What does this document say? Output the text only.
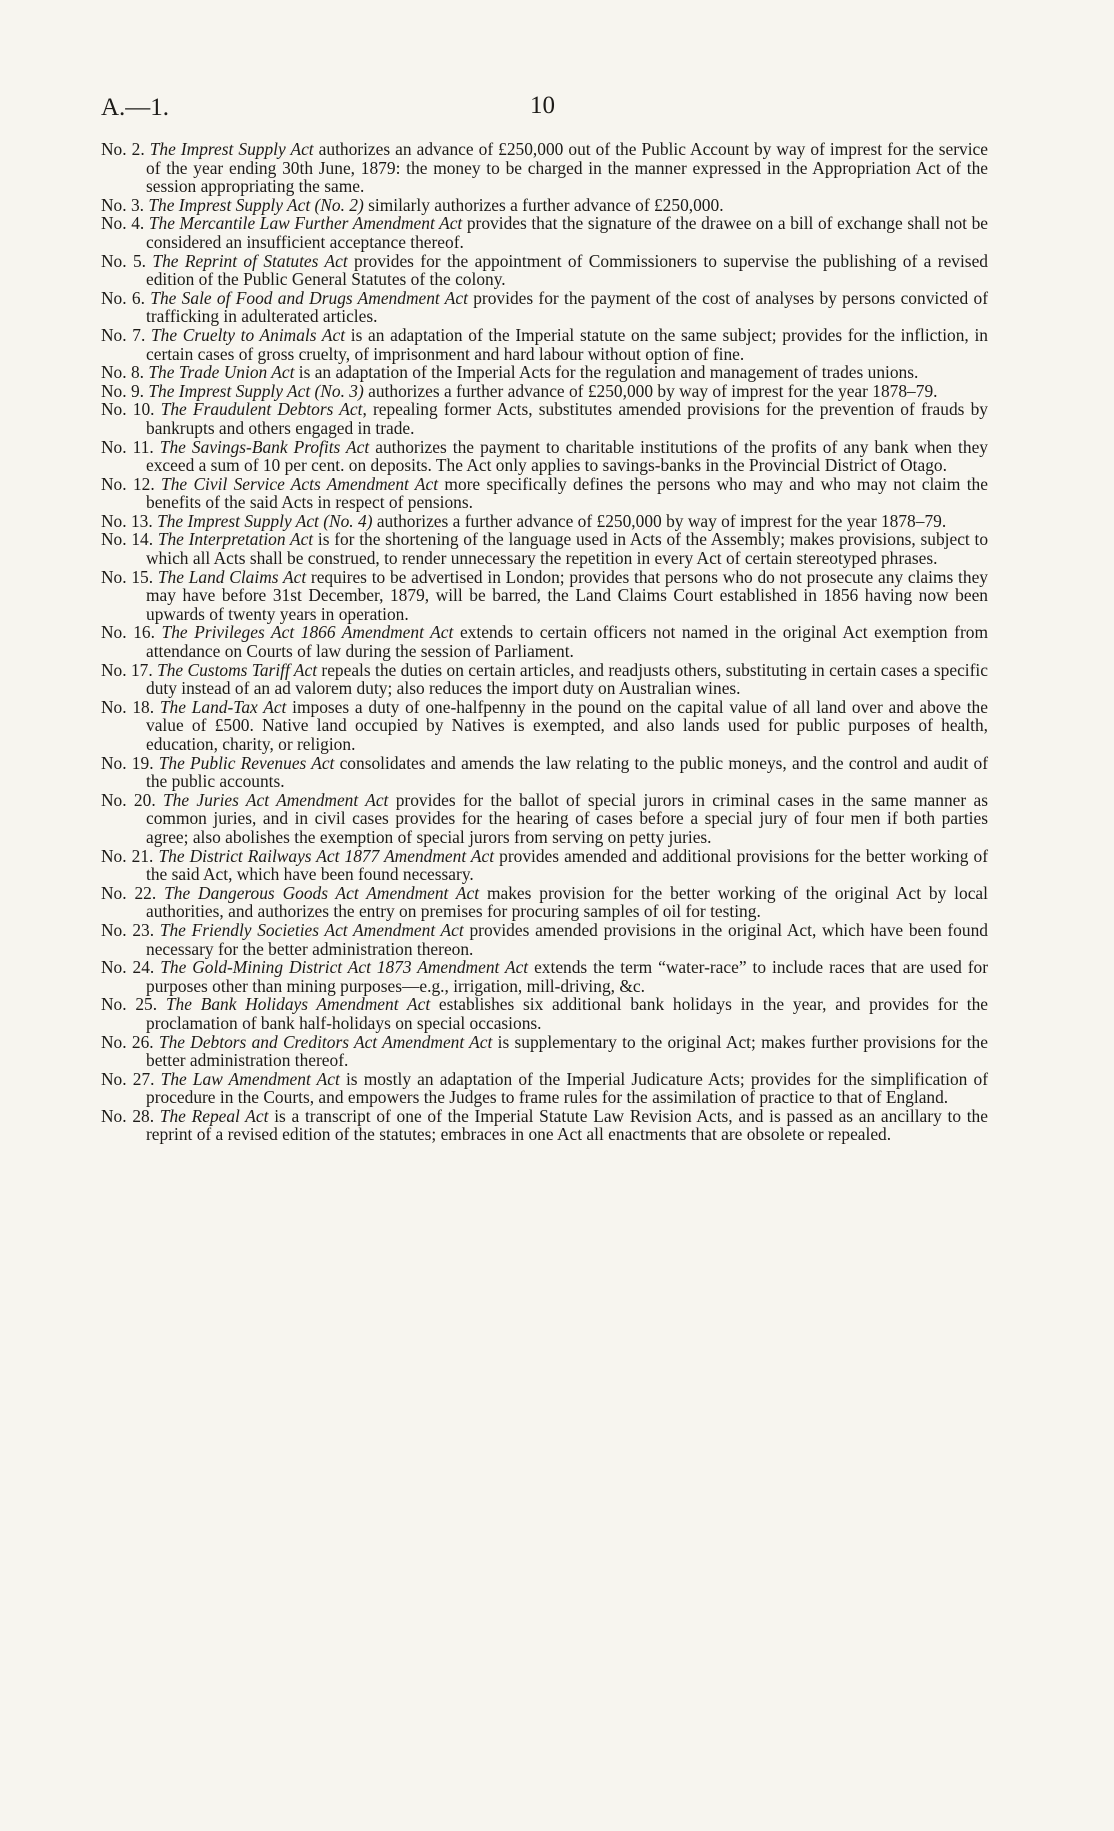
A.—1.	10

No. 2. The Imprest Supply Act authorizes an advance of £250,000 out of the Public Account by way of imprest for the service of the year ending 30th June, 1879: the money to be charged in the manner expressed in the Appropriation Act of the session appropriating the same.

No. 3. The Imprest Supply Act (No. 2) similarly authorizes a further advance of £250,000.

No. 4. The Mercantile Law Further Amendment Act provides that the signature of the drawee on a bill of exchange shall not be considered an insufficient acceptance thereof.

No. 5. The Reprint of Statutes Act provides for the appointment of Commissioners to supervise the publishing of a revised edition of the Public General Statutes of the colony.

No. 6. The Sale of Food and Drugs Amendment Act provides for the payment of the cost of analyses by persons convicted of trafficking in adulterated articles.

No. 7. The Cruelty to Animals Act is an adaptation of the Imperial statute on the same subject; provides for the infliction, in certain cases of gross cruelty, of imprisonment and hard labour without option of fine.

No. 8. The Trade Union Act is an adaptation of the Imperial Acts for the regulation and management of trades unions.

No. 9. The Imprest Supply Act (No. 3) authorizes a further advance of £250,000 by way of imprest for the year 1878–79.

No. 10. The Fraudulent Debtors Act, repealing former Acts, substitutes amended provisions for the prevention of frauds by bankrupts and others engaged in trade.

No. 11. The Savings-Bank Profits Act authorizes the payment to charitable institutions of the profits of any bank when they exceed a sum of 10 per cent. on deposits. The Act only applies to savings-banks in the Provincial District of Otago.

No. 12. The Civil Service Acts Amendment Act more specifically defines the persons who may and who may not claim the benefits of the said Acts in respect of pensions.

No. 13. The Imprest Supply Act (No. 4) authorizes a further advance of £250,000 by way of imprest for the year 1878–79.

No. 14. The Interpretation Act is for the shortening of the language used in Acts of the Assembly; makes provisions, subject to which all Acts shall be construed, to render unnecessary the repetition in every Act of certain stereotyped phrases.

No. 15. The Land Claims Act requires to be advertised in London; provides that persons who do not prosecute any claims they may have before 31st December, 1879, will be barred, the Land Claims Court established in 1856 having now been upwards of twenty years in operation.

No. 16. The Privileges Act 1866 Amendment Act extends to certain officers not named in the original Act exemption from attendance on Courts of law during the session of Parliament.

No. 17. The Customs Tariff Act repeals the duties on certain articles, and readjusts others, substituting in certain cases a specific duty instead of an ad valorem duty; also reduces the import duty on Australian wines.

No. 18. The Land-Tax Act imposes a duty of one-halfpenny in the pound on the capital value of all land over and above the value of £500. Native land occupied by Natives is exempted, and also lands used for public purposes of health, education, charity, or religion.

No. 19. The Public Revenues Act consolidates and amends the law relating to the public moneys, and the control and audit of the public accounts.

No. 20. The Juries Act Amendment Act provides for the ballot of special jurors in criminal cases in the same manner as common juries, and in civil cases provides for the hearing of cases before a special jury of four men if both parties agree; also abolishes the exemption of special jurors from serving on petty juries.

No. 21. The District Railways Act 1877 Amendment Act provides amended and additional provisions for the better working of the said Act, which have been found necessary.

No. 22. The Dangerous Goods Act Amendment Act makes provision for the better working of the original Act by local authorities, and authorizes the entry on premises for procuring samples of oil for testing.

No. 23. The Friendly Societies Act Amendment Act provides amended provisions in the original Act, which have been found necessary for the better administration thereon.

No. 24. The Gold-Mining District Act 1873 Amendment Act extends the term “water-race” to include races that are used for purposes other than mining purposes—e.g., irrigation, mill-driving, &c.

No. 25. The Bank Holidays Amendment Act establishes six additional bank holidays in the year, and provides for the proclamation of bank half-holidays on special occasions.

No. 26. The Debtors and Creditors Act Amendment Act is supplementary to the original Act; makes further provisions for the better administration thereof.

No. 27. The Law Amendment Act is mostly an adaptation of the Imperial Judicature Acts; provides for the simplification of procedure in the Courts, and empowers the Judges to frame rules for the assimilation of practice to that of England.

No. 28. The Repeal Act is a transcript of one of the Imperial Statute Law Revision Acts, and is passed as an ancillary to the reprint of a revised edition of the statutes; embraces in one Act all enactments that are obsolete or repealed.
